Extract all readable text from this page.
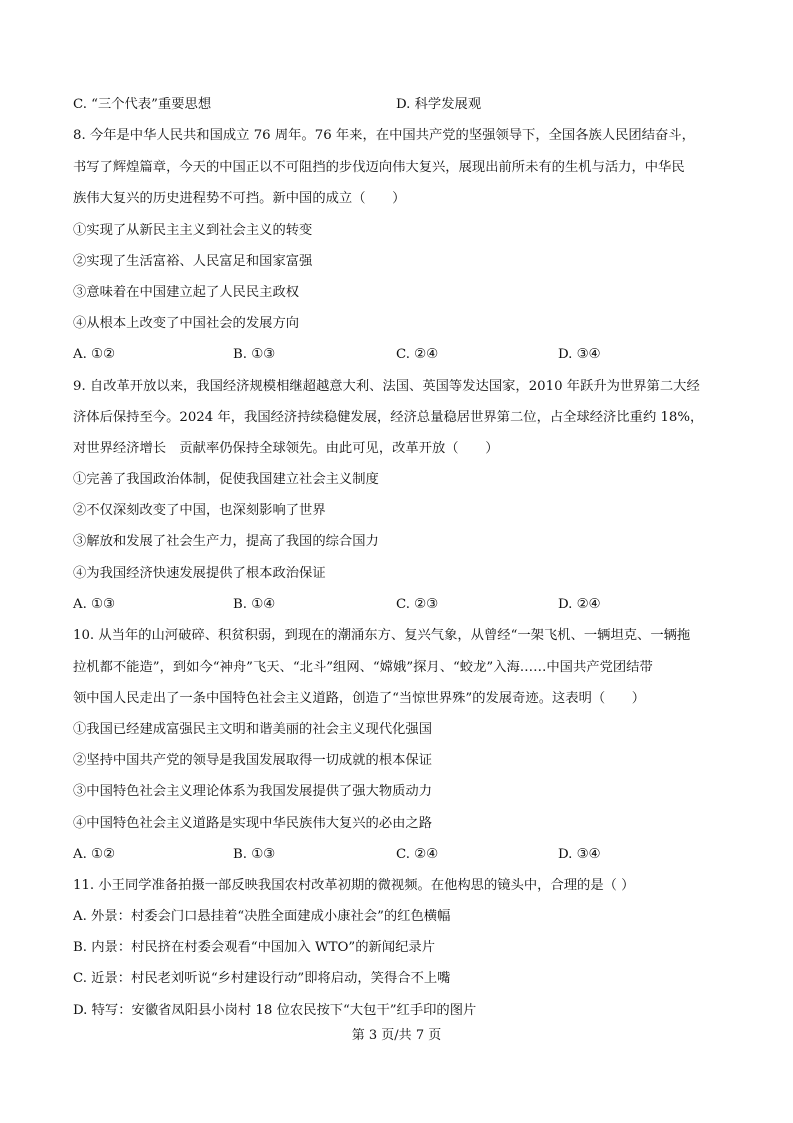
C. “三个代表”重要思想	D. 科学发展观
8. 今年是中华人民共和国成立 76 周年。76 年来，在中国共产党的坚强领导下，全国各族人民团结奋斗，
书写了辉煌篇章，今天的中国正以不可阻挡的步伐迈向伟大复兴，展现出前所未有的生机与活力，中华民
族伟大复兴的历史进程势不可挡。新中国的成立（　　）
①实现了从新民主主义到社会主义的转变
②实现了生活富裕、人民富足和国家富强
③意味着在中国建立起了人民民主政权
④从根本上改变了中国社会的发展方向
A. ①②	B. ①③	C. ②④	D. ③④
9. 自改革开放以来，我国经济规模相继超越意大利、法国、英国等发达国家，2010 年跃升为世界第二大经
济体后保持至今。2024 年，我国经济持续稳健发展，经济总量稳居世界第二位，占全球经济比重约 18%，
对世界经济增长　贡献率仍保持全球领先。由此可见，改革开放（　　）
①完善了我国政治体制，促使我国建立社会主义制度
②不仅深刻改变了中国，也深刻影响了世界
③解放和发展了社会生产力，提高了我国的综合国力
④为我国经济快速发展提供了根本政治保证
A. ①③	B. ①④	C. ②③	D. ②④
10. 从当年的山河破碎、积贫积弱，到现在的潮涌东方、复兴气象，从曾经“一架飞机、一辆坦克、一辆拖
拉机都不能造”，到如今“神舟”飞天、“北斗”组网、“嫦娥”探月、“蛟龙”入海……中国共产党团结带
领中国人民走出了一条中国特色社会主义道路，创造了“当惊世界殊”的发展奇迹。这表明（　　）
①我国已经建成富强民主文明和谐美丽的社会主义现代化强国
②坚持中国共产党的领导是我国发展取得一切成就的根本保证
③中国特色社会主义理论体系为我国发展提供了强大物质动力
④中国特色社会主义道路是实现中华民族伟大复兴的必由之路
A. ①②	B. ①③	C. ②④	D. ③④
11. 小王同学准备拍摄一部反映我国农村改革初期的微视频。在他构思的镜头中，合理的是（ ）
A. 外景：村委会门口悬挂着“决胜全面建成小康社会”的红色横幅
B. 内景：村民挤在村委会观看“中国加入 WTO”的新闻纪录片
C. 近景：村民老刘听说“乡村建设行动”即将启动，笑得合不上嘴
D. 特写：安徽省凤阳县小岗村 18 位农民按下“大包干”红手印的图片
第 3 页/共 7 页
